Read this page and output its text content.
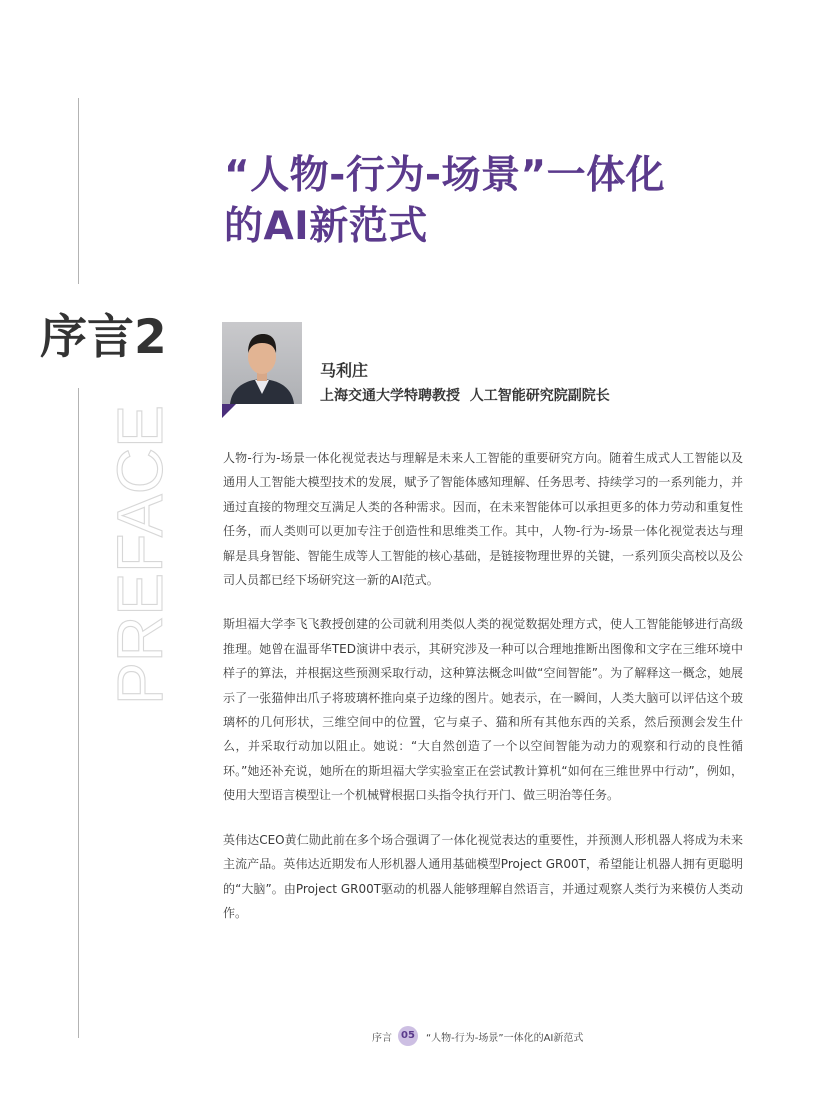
“人物-行为-场景”一体化
的AI新范式
序言2
PREFACE
马利庄
上海交通大学特聘教授  人工智能研究院副院长

人物-行为-场景一体化视觉表达与理解是未来人工智能的重要研究方向。随着生成式人工智能以及通用人工智能大模型技术的发展，赋予了智能体感知理解、任务思考、持续学习的一系列能力，并通过直接的物理交互满足人类的各种需求。因而，在未来智能体可以承担更多的体力劳动和重复性任务，而人类则可以更加专注于创造性和思维类工作。其中，人物-行为-场景一体化视觉表达与理解是具身智能、智能生成等人工智能的核心基础，是链接物理世界的关键，一系列顶尖高校以及公司人员都已经下场研究这一新的AI范式。

斯坦福大学李飞飞教授创建的公司就利用类似人类的视觉数据处理方式，使人工智能能够进行高级推理。她曾在温哥华TED演讲中表示，其研究涉及一种可以合理地推断出图像和文字在三维环境中样子的算法，并根据这些预测采取行动，这种算法概念叫做“空间智能”。为了解释这一概念，她展示了一张猫伸出爪子将玻璃杯推向桌子边缘的图片。她表示，在一瞬间，人类大脑可以评估这个玻璃杯的几何形状，三维空间中的位置，它与桌子、猫和所有其他东西的关系，然后预测会发生什么，并采取行动加以阻止。她说：“大自然创造了一个以空间智能为动力的观察和行动的良性循环。”她还补充说，她所在的斯坦福大学实验室正在尝试教计算机“如何在三维世界中行动”，例如，使用大型语言模型让一个机械臂根据口头指令执行开门、做三明治等任务。

英伟达CEO黄仁勋此前在多个场合强调了一体化视觉表达的重要性，并预测人形机器人将成为未来主流产品。英伟达近期发布人形机器人通用基础模型Project GR00T，希望能让机器人拥有更聪明的“大脑”。由Project GR00T驱动的机器人能够理解自然语言，并通过观察人类行为来模仿人类动作。

序言 05	“人物-行为-场景”一体化的AI新范式
